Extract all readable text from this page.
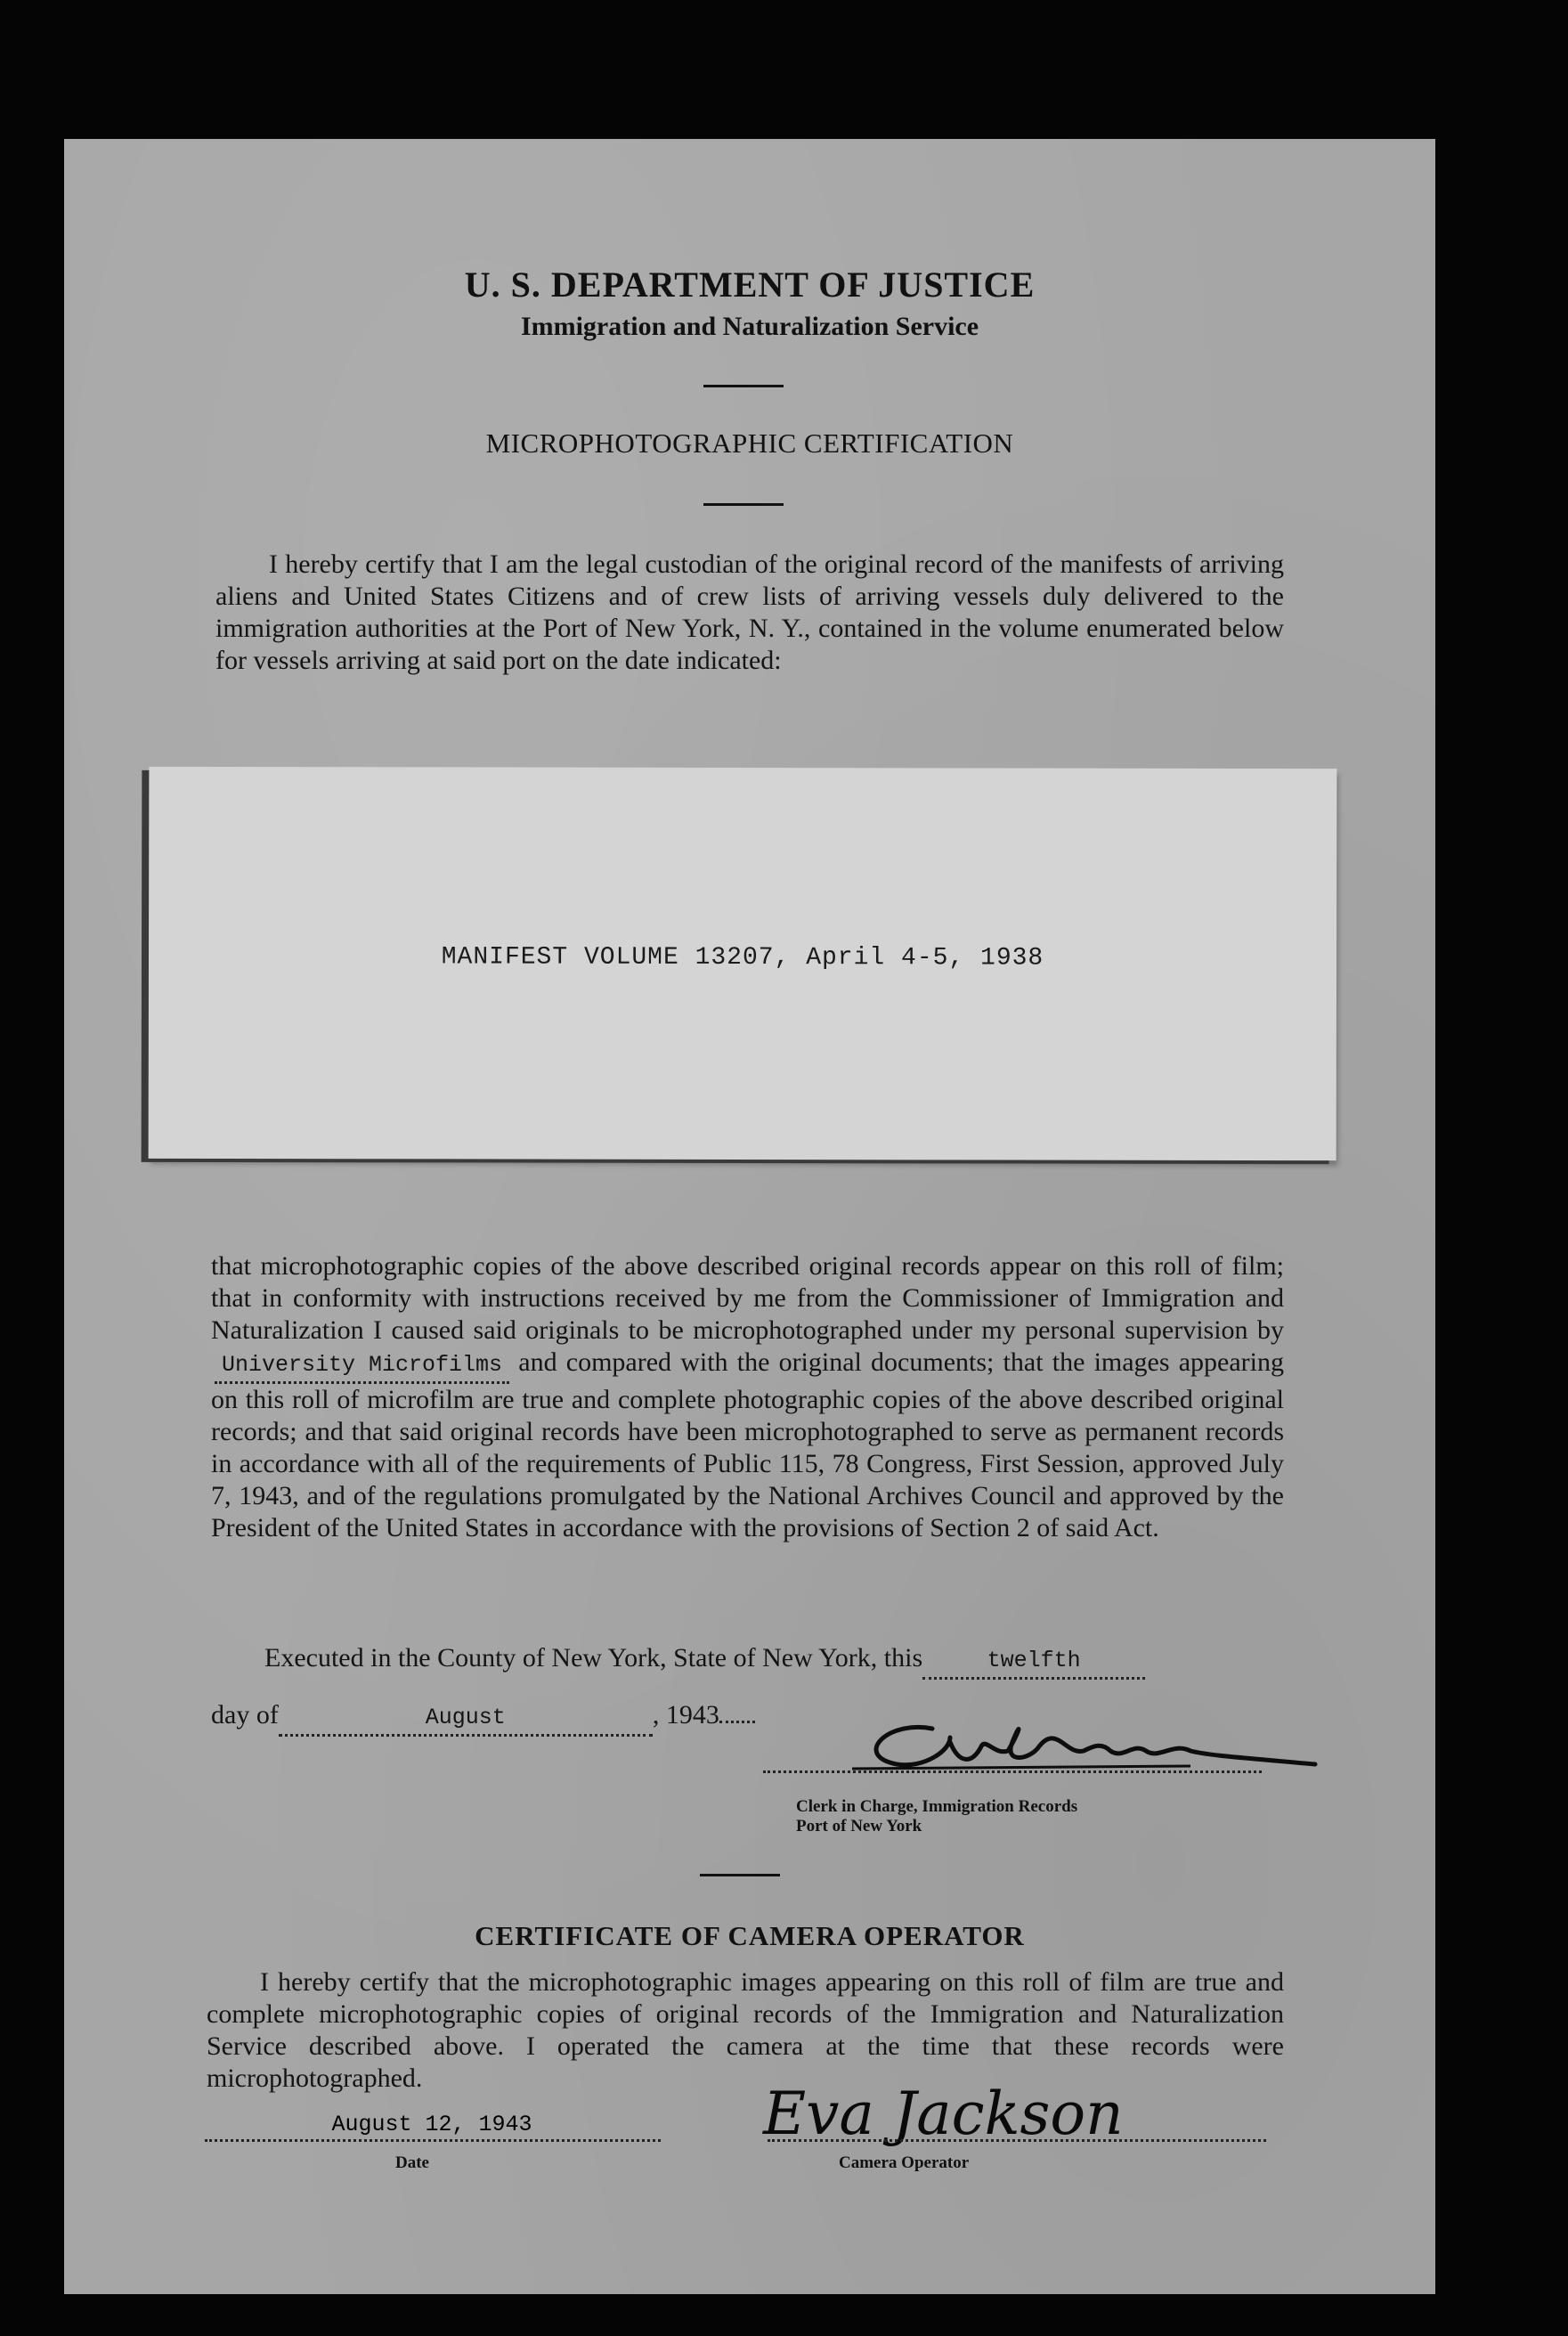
U. S. DEPARTMENT OF JUSTICE
Immigration and Naturalization Service
MICROPHOTOGRAPHIC CERTIFICATION

I hereby certify that I am the legal custodian of the original record of the manifests of arriving aliens and United States Citizens and of crew lists of arriving vessels duly delivered to the immigration authorities at the Port of New York, N. Y., contained in the volume enumerated below for vessels arriving at said port on the date indicated:

MANIFEST VOLUME 13207, April 4-5, 1938

that microphotographic copies of the above described original records appear on this roll of film; that in conformity with instructions received by me from the Commissioner of Immigration and Naturalization I caused said originals to be microphotographed under my personal supervision byUniversity Microfilms and compared with the original documents; that the images appearing on this roll of microfilm are true and complete photographic copies of the above described original records; and that said original records have been microphotographed to serve as permanent records in accordance with all of the requirements of Public 115, 78 Congress, First Session, approved July 7, 1943, and of the regulations promulgated by the National Archives Council and approved by the President of the United States in accordance with the provisions of Section 2 of said Act.

Executed in the County of New York, State of New York, this	twelfth
day of	August	, 1943
Clerk in Charge, Immigration Records
Port of New York
CERTIFICATE OF CAMERA OPERATOR

I hereby certify that the microphotographic images appearing on this roll of film are true and complete microphotographic copies of original records of the Immigration and Naturalization Service described above. I operated the camera at the time that these records were microphotographed.

August 12, 1943
Date
Eva Jackson
Camera Operator
